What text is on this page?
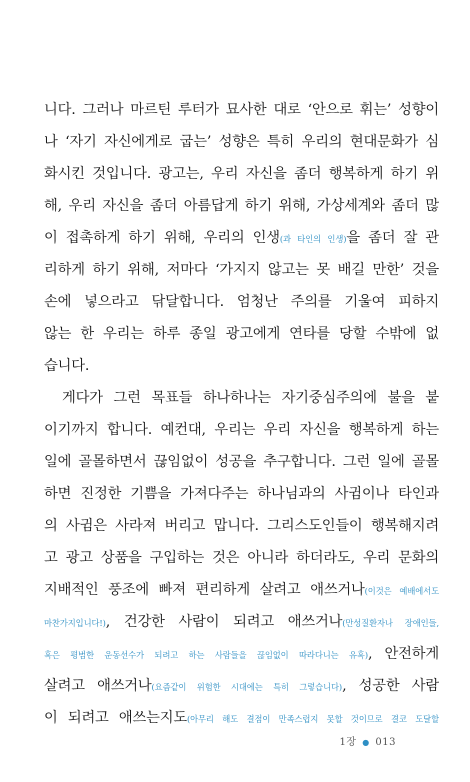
니다. 그러나 마르틴 루터가 묘사한 대로 ‘안으로 휘는’ 성향이
나 ‘자기 자신에게로 굽는’ 성향은 특히 우리의 현대문화가 심
화시킨 것입니다. 광고는, 우리 자신을 좀더 행복하게 하기 위
해, 우리 자신을 좀더 아름답게 하기 위해, 가상세계와 좀더 많
이 접촉하게 하기 위해, 우리의 인생(과 타인의 인생)을 좀더 잘 관
리하게 하기 위해, 저마다 ‘가지지 않고는 못 배길 만한’ 것을
손에 넣으라고 닦달합니다. 엄청난 주의를 기울여 피하지
않는 한 우리는 하루 종일 광고에게 연타를 당할 수밖에 없
습니다.
게다가 그런 목표들 하나하나는 자기중심주의에 불을 붙
이기까지 합니다. 예컨대, 우리는 우리 자신을 행복하게 하는
일에 골몰하면서 끊임없이 성공을 추구합니다. 그런 일에 골몰
하면 진정한 기쁨을 가져다주는 하나님과의 사귐이나 타인과
의 사귐은 사라져 버리고 맙니다. 그리스도인들이 행복해지려
고 광고 상품을 구입하는 것은 아니라 하더라도, 우리 문화의
지배적인 풍조에 빠져 편리하게 살려고 애쓰거나(이것은 예배에서도
마찬가지입니다!), 건강한 사람이 되려고 애쓰거나(만성질환자나 장애인들,
혹은 평범한 운동선수가 되려고 하는 사람들을 끊임없이 따라다니는 유혹), 안전하게
살려고 애쓰거나(요즘같이 위험한 시대에는 특히 그렇습니다), 성공한 사람
이 되려고 애쓰는지도(아무리 해도 결점이 만족스럽지 못할 것이므로 결코 도달할
1장 ● 013
